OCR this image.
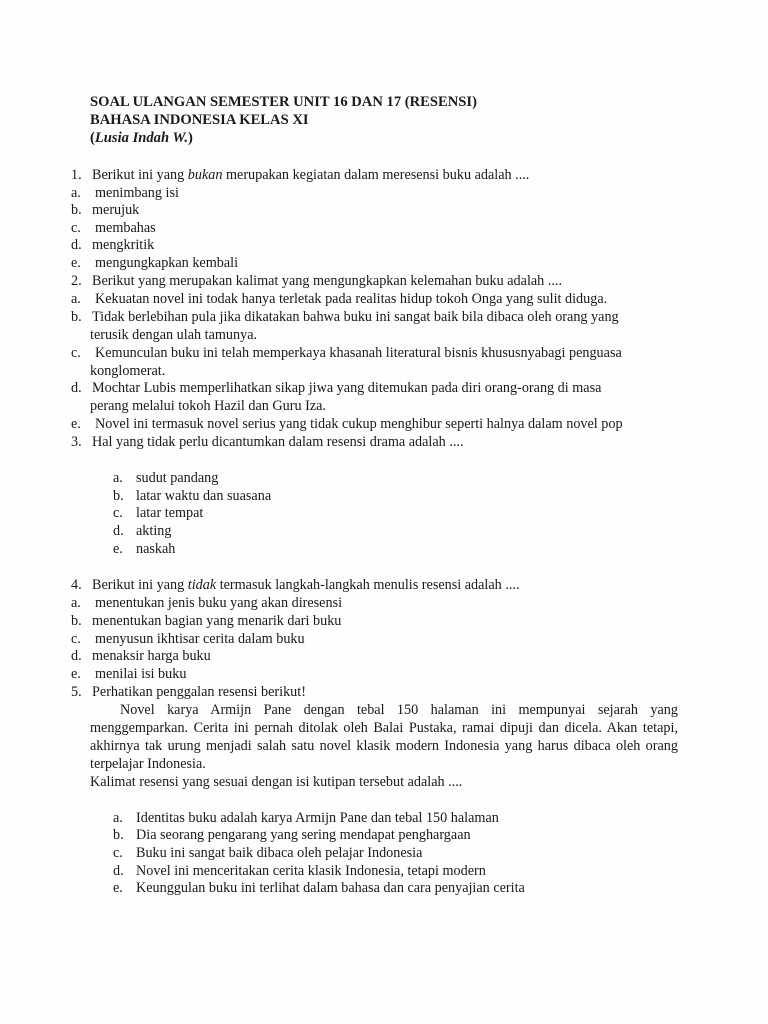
SOAL ULANGAN SEMESTER UNIT 16 DAN 17 (RESENSI)
BAHASA INDONESIA KELAS XI
(Lusia Indah W.)
1. Berikut ini yang bukan merupakan kegiatan dalam meresensi buku adalah ....
a. menimbang isi
b. merujuk
c. membahas
d. mengkritik
e. mengungkapkan kembali
2. Berikut yang merupakan kalimat yang mengungkapkan kelemahan buku adalah ....
a. Kekuatan novel ini todak hanya terletak pada realitas hidup tokoh Onga yang sulit diduga.
b. Tidak berlebihan pula jika dikatakan bahwa buku ini sangat baik bila dibaca oleh orang yang
terusik dengan ulah tamunya.
c. Kemunculan buku ini telah memperkaya khasanah literatural bisnis khususnyabagi penguasa
konglomerat.
d. Mochtar Lubis memperlihatkan sikap jiwa yang ditemukan pada diri orang-orang di masa
perang melalui tokoh Hazil dan Guru Iza.
e. Novel ini termasuk novel serius yang tidak cukup menghibur seperti halnya dalam novel pop
3. Hal yang tidak perlu dicantumkan dalam resensi drama adalah ....
a. sudut pandang
b. latar waktu dan suasana
c. latar tempat
d. akting
e. naskah
4. Berikut ini yang tidak termasuk langkah-langkah menulis resensi adalah ....
a. menentukan jenis buku yang akan diresensi
b. menentukan bagian yang menarik dari buku
c. menyusun ikhtisar cerita dalam buku
d. menaksir harga buku
e. menilai isi buku
5. Perhatikan penggalan resensi berikut!
Novel karya Armijn Pane dengan tebal 150 halaman ini mempunyai sejarah yang
menggemparkan. Cerita ini pernah ditolak oleh Balai Pustaka, ramai dipuji dan dicela. Akan tetapi,
akhirnya tak urung menjadi salah satu novel klasik modern Indonesia yang harus dibaca oleh orang
terpelajar Indonesia.
Kalimat resensi yang sesuai dengan isi kutipan tersebut adalah ....
a. Identitas buku adalah karya Armijn Pane dan tebal 150 halaman
b. Dia seorang pengarang yang sering mendapat penghargaan
c. Buku ini sangat baik dibaca oleh pelajar Indonesia
d. Novel ini menceritakan cerita klasik Indonesia, tetapi modern
e. Keunggulan buku ini terlihat dalam bahasa dan cara penyajian cerita
